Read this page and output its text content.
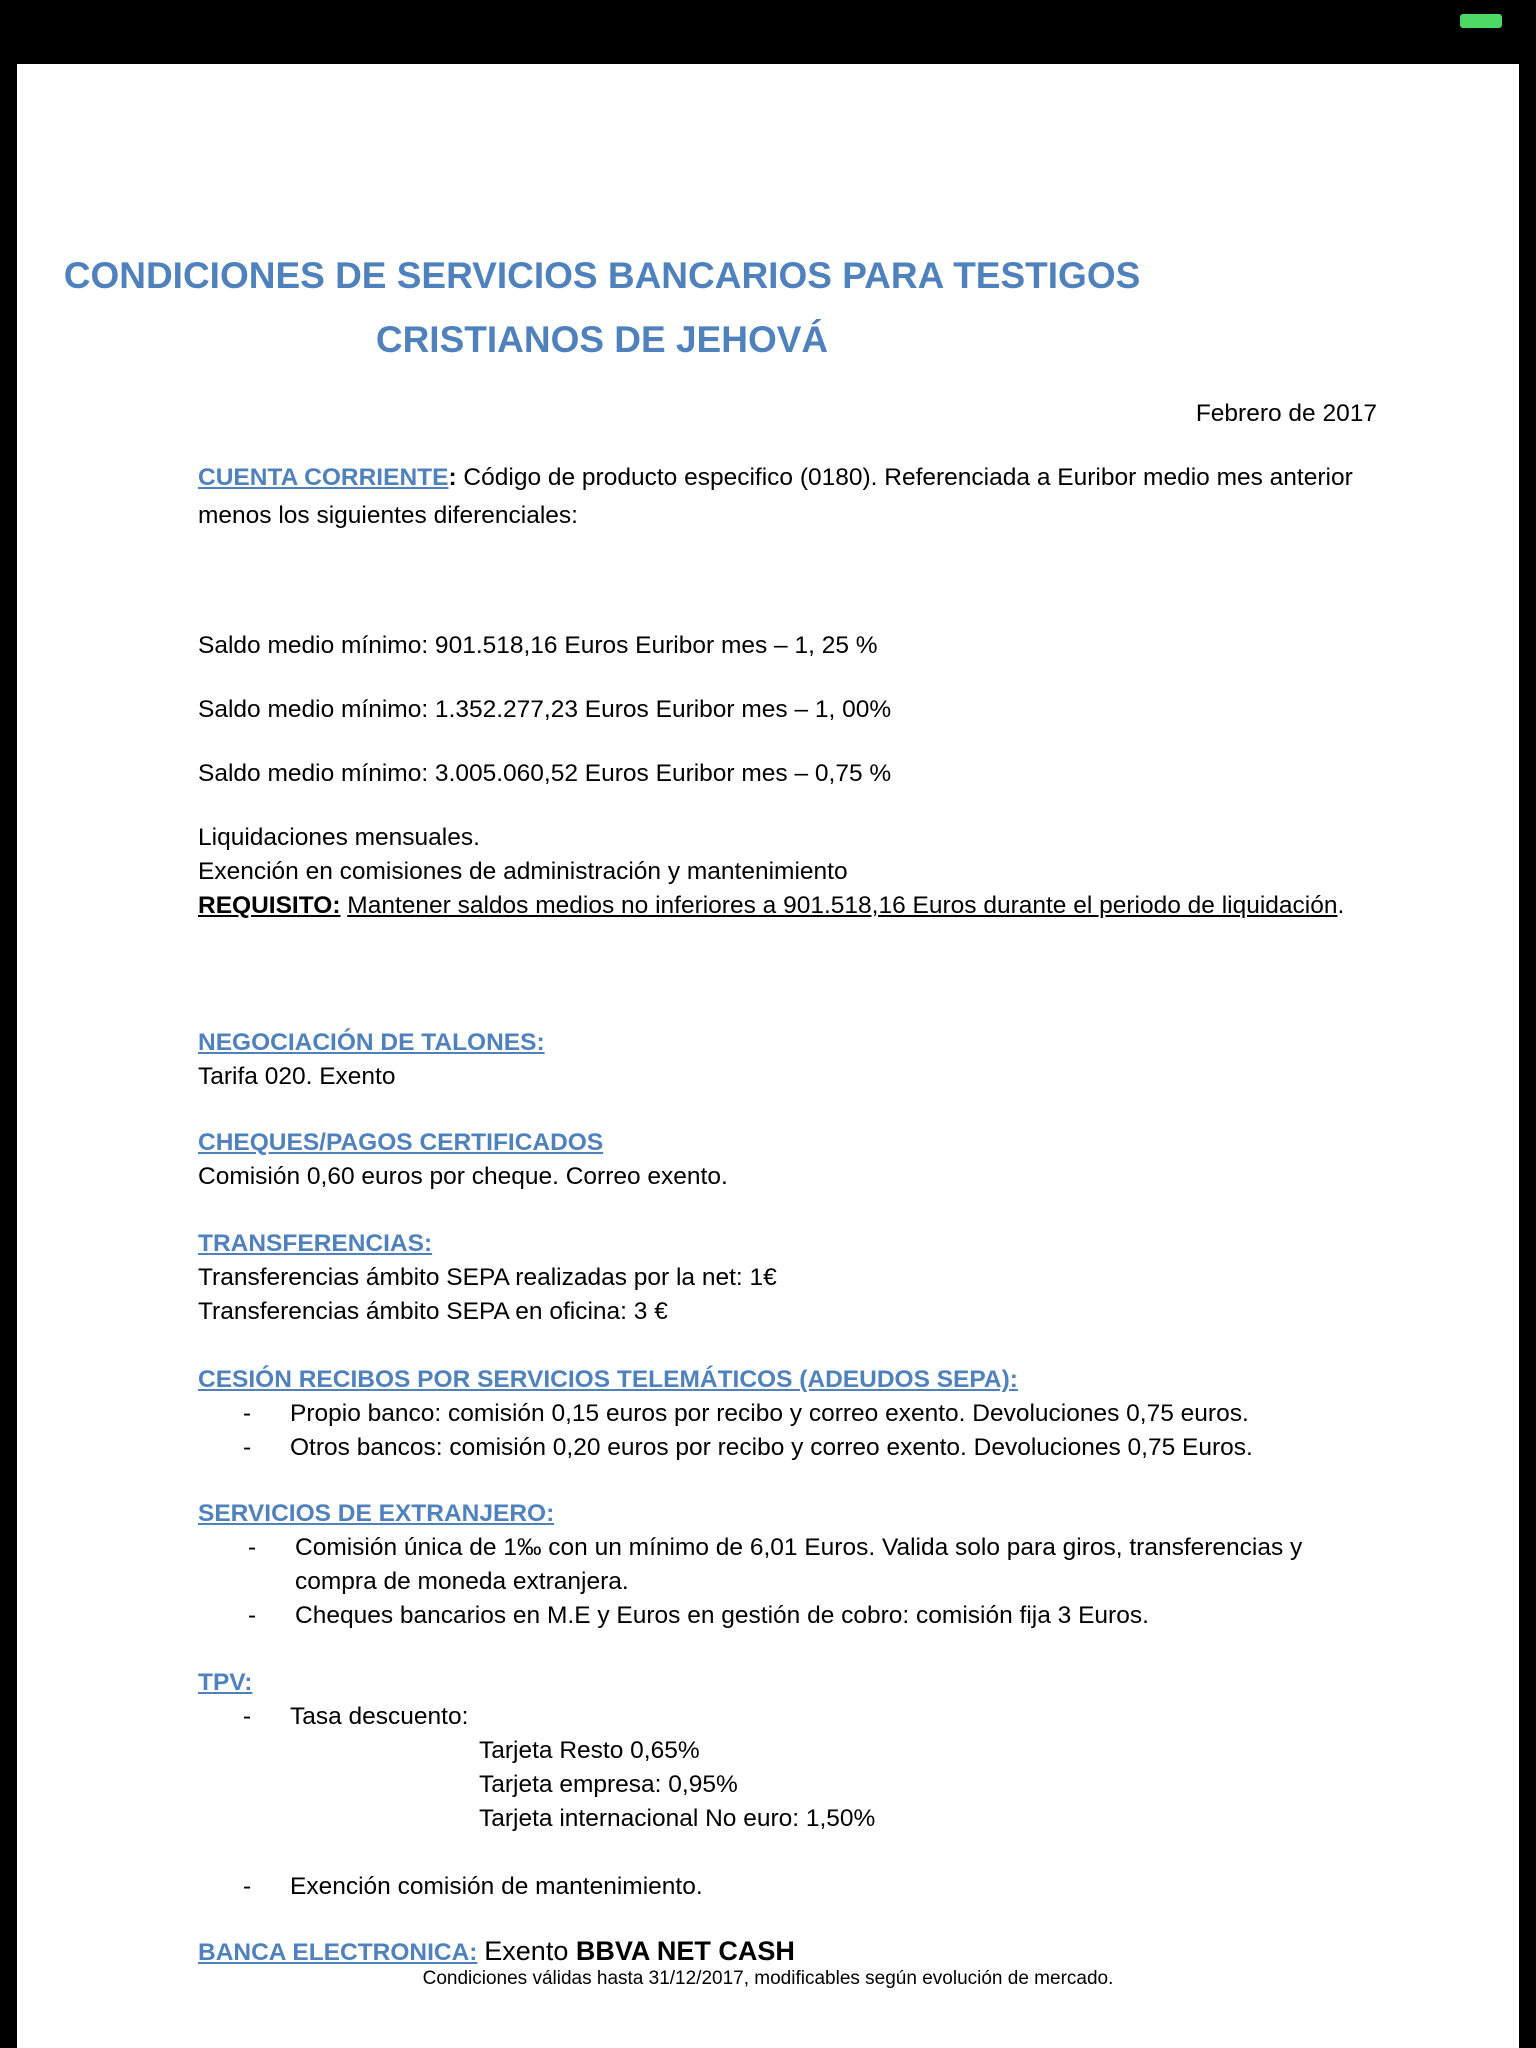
CONDICIONES DE SERVICIOS BANCARIOS PARA TESTIGOS CRISTIANOS DE JEHOVÁ
Febrero de 2017

CUENTA CORRIENTE: Código de producto especifico (0180). Referenciada a Euribor medio mes anterior menos los siguientes diferenciales:

Saldo medio mínimo: 901.518,16 Euros Euribor mes – 1, 25 %
Saldo medio mínimo: 1.352.277,23 Euros Euribor mes – 1, 00%
Saldo medio mínimo: 3.005.060,52 Euros Euribor mes – 0,75 %

Liquidaciones mensuales.

Exención en comisiones de administración y mantenimiento

REQUISITO: Mantener saldos medios no inferiores a 901.518,16 Euros durante el periodo de liquidación.

NEGOCIACIÓN DE TALONES:

Tarifa 020. Exento

CHEQUES/PAGOS CERTIFICADOS

Comisión 0,60 euros por cheque. Correo exento.

TRANSFERENCIAS:

Transferencias ámbito SEPA realizadas por la net: 1€

Transferencias ámbito SEPA en oficina: 3 €

CESIÓN RECIBOS POR SERVICIOS TELEMÁTICOS (ADEUDOS SEPA):

- Propio banco: comisión 0,15 euros por recibo y correo exento. Devoluciones 0,75 euros.
- Otros bancos: comisión 0,20 euros por recibo y correo exento. Devoluciones 0,75 Euros.

SERVICIOS DE EXTRANJERO:

- Comisión única de 1‰ con un mínimo de 6,01 Euros. Valida solo para giros, transferencias y compra de moneda extranjera.
- Cheques bancarios en M.E y Euros en gestión de cobro: comisión fija 3 Euros.

TPV:

- Tasa descuento:

Tarjeta Resto 0,65%

Tarjeta empresa: 0,95%

Tarjeta internacional No euro: 1,50%

- Exención comisión de mantenimiento.

BANCA ELECTRONICA: Exento BBVA NET CASH

Condiciones válidas hasta 31/12/2017, modificables según evolución de mercado.
